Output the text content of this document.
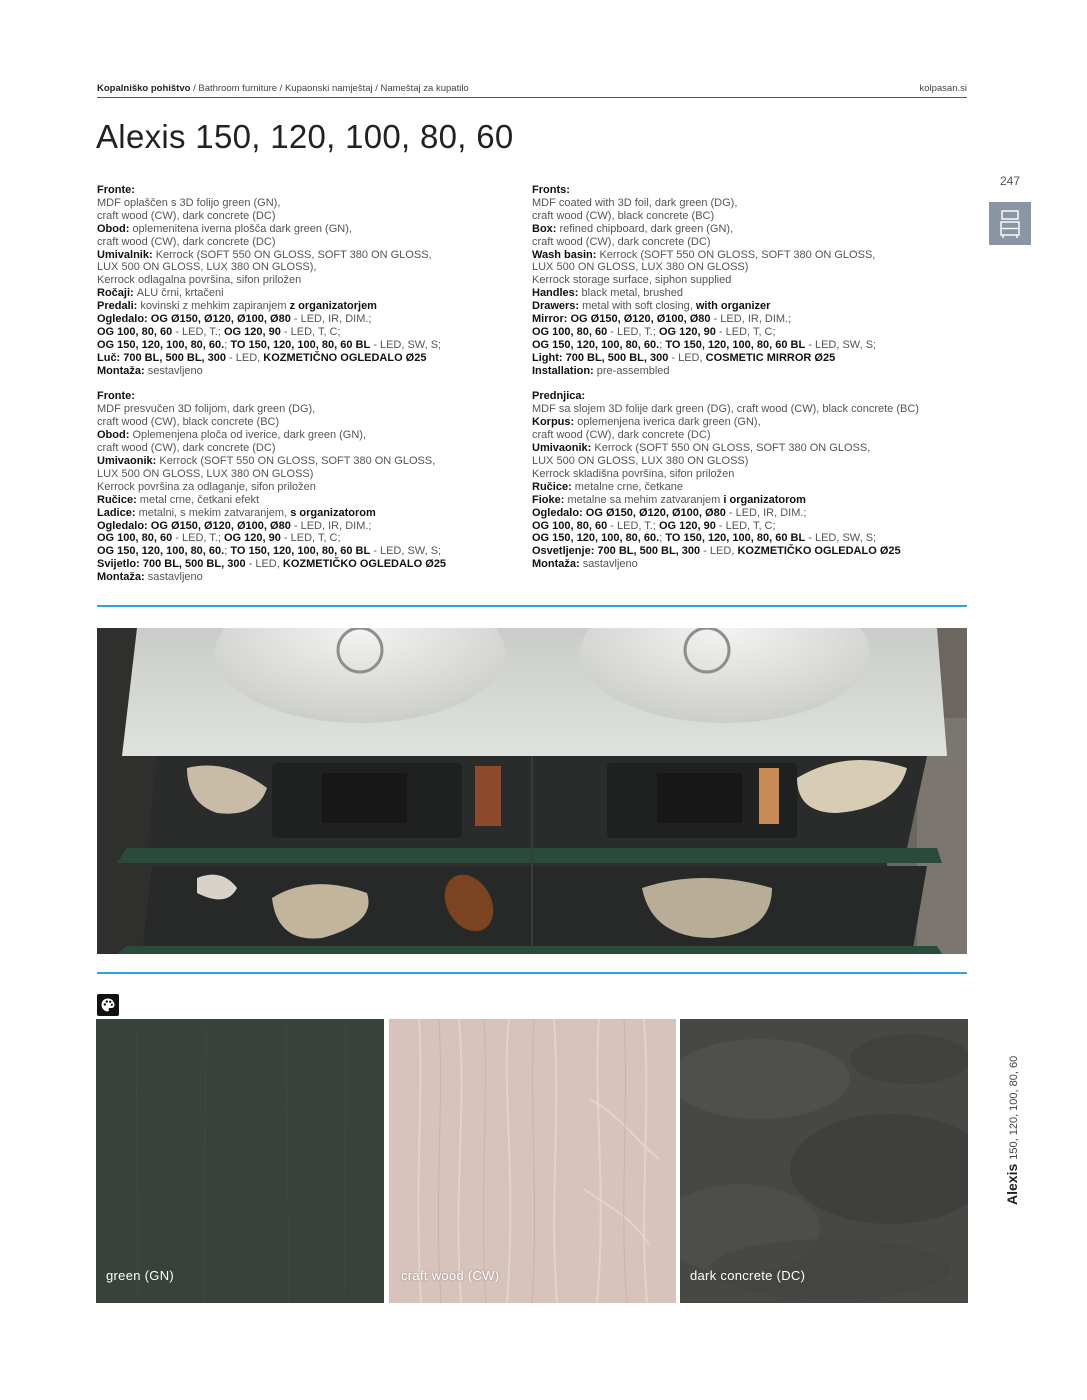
Kopalniško pohištvo / Bathroom furniture / Kupaonski namještaj / Nameštaj za kupatilo	kolpasan.si
Alexis 150, 120, 100, 80, 60
247
Fronte:
MDF oplaščen s 3D folijo green (GN),
craft wood (CW), dark concrete (DC)
Obod: oplemenitena iverna plošča dark green (GN),
craft wood (CW), dark concrete (DC)
Umivalnik: Kerrock (SOFT 550 ON GLOSS, SOFT 380 ON GLOSS,
LUX 500 ON GLOSS, LUX 380 ON GLOSS),
Kerrock odlagalna površina, sifon priložen
Ročaji: ALU črni, krtačeni
Predali: kovinski z mehkim zapiranjem z organizatorjem
Ogledalo: OG Ø150, Ø120, Ø100, Ø80 - LED, IR, DIM.;
OG 100, 80, 60 - LED, T.; OG 120, 90 - LED, T, C;
OG 150, 120, 100, 80, 60.; TO 150, 120, 100, 80, 60 BL - LED, SW, S;
Luč: 700 BL, 500 BL, 300 - LED, KOZMETIČNO OGLEDALO Ø25
Montaža: sestavljeno
Fronte:
MDF presvučen 3D folijom, dark green (DG),
craft wood (CW), black concrete (BC)
Obod: Oplemenjena ploča od iverice, dark green (GN),
craft wood (CW), dark concrete (DC)
Umivaonik: Kerrock (SOFT 550 ON GLOSS, SOFT 380 ON GLOSS,
LUX 500 ON GLOSS, LUX 380 ON GLOSS)
Kerrock površina za odlaganje, sifon priložen
Ručice: metal crne, četkani efekt
Ladice: metalni, s mekim zatvaranjem, s organizatorom
Ogledalo: OG Ø150, Ø120, Ø100, Ø80 - LED, IR, DIM.;
OG 100, 80, 60 - LED, T.; OG 120, 90 - LED, T, C;
OG 150, 120, 100, 80, 60.; TO 150, 120, 100, 80, 60 BL - LED, SW, S;
Svijetlo: 700 BL, 500 BL, 300 - LED, KOZMETIČKO OGLEDALO Ø25
Montaža: sastavljeno
Fronts:
MDF coated with 3D foil, dark green (DG),
craft wood (CW), black concrete (BC)
Box: refined chipboard, dark green (GN),
craft wood (CW), dark concrete (DC)
Wash basin: Kerrock (SOFT 550 ON GLOSS, SOFT 380 ON GLOSS,
LUX 500 ON GLOSS, LUX 380 ON GLOSS)
Kerrock storage surface, siphon supplied
Handles: black metal, brushed
Drawers: metal with soft closing, with organizer
Mirror: OG Ø150, Ø120, Ø100, Ø80 - LED, IR, DIM.;
OG 100, 80, 60 - LED, T.; OG 120, 90 - LED, T, C;
OG 150, 120, 100, 80, 60.; TO 150, 120, 100, 80, 60 BL - LED, SW, S;
Light: 700 BL, 500 BL, 300 - LED, COSMETIC MIRROR Ø25
Installation: pre-assembled
Prednjica:
MDF sa slojem 3D folije dark green (DG), craft wood (CW), black concrete (BC)
Korpus: oplemenjena iverica dark green (GN),
craft wood (CW), dark concrete (DC)
Umivaonik: Kerrock (SOFT 550 ON GLOSS, SOFT 380 ON GLOSS,
LUX 500 ON GLOSS, LUX 380 ON GLOSS)
Kerrock skladišna površina, sifon priložen
Ručice: metalne crne, četkane
Fioke: metalne sa mehim zatvaranjem i organizatorom
Ogledalo: OG Ø150, Ø120, Ø100, Ø80 - LED, IR, DIM.;
OG 100, 80, 60 - LED, T.; OG 120, 90 - LED, T, C;
OG 150, 120, 100, 80, 60.; TO 150, 120, 100, 80, 60 BL - LED, SW, S;
Osvetljenje: 700 BL, 500 BL, 300 - LED, KOZMETIČKO OGLEDALO Ø25
Montaža: sastavljeno
green (GN)	craft wood (CW)	dark concrete (DC)
Alexis150, 120, 100, 80, 60
